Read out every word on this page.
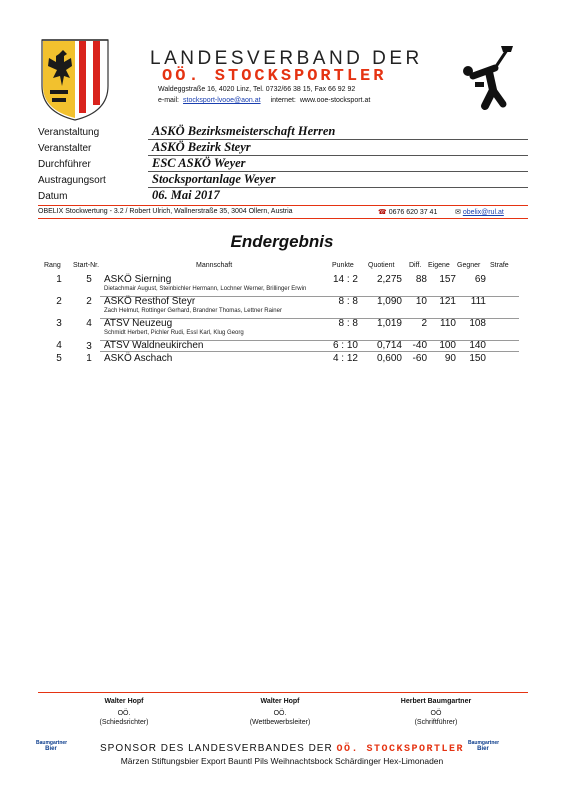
LANDESVERBAND DER
OÖ. STOCKSPORTLER
Waldeggstraße 16, 4020 Linz, Tel. 0732/66 38 15, Fax 66 92 92
e-mail: stocksport-lvooe@aon.at internet: www.ooe-stocksport.at
Veranstaltung	ASKÖ Bezirksmeisterschaft Herren
Veranstalter	ASKÖ Bezirk Steyr
Durchführer	ESC ASKÖ Weyer
Austragungsort	Stocksportanlage Weyer
Datum	06. Mai 2017
OBELIX Stockwertung - 3.2 / Robert Ulrich, Wallnerstraße 35, 3004 Ollern, Austria	☎ 0676 620 37 41	✉ obelix@rul.at
Endergebnis
Rang Start-Nr.	Mannschaft	Punkte Quotient Diff. Eigene Gegner Strafe
1	5	ASKÖ Sierning	14 : 2	2,275	88	157	69
Dietachmair August, Steinbichler Hermann, Lochner Werner, Brillinger Erwin
2	2	ASKÖ Resthof Steyr	8 : 8	1,090	10	121	111
Zach Helmut, Rottinger Gerhard, Brandner Thomas, Lettner Rainer
3	4	ATSV Neuzeug	8 : 8	1,019	2	110	108
Schmidt Herbert, Pichler Rudi, Essl Karl, Klug Georg
4	3	ATSV Waldneukirchen	6 : 10	0,714	-40	100	140
5	1	ASKÖ Aschach	4 : 12	0,600	-60	90	150
Walter Hopf
OÖ.
(Schiedsrichter)
Walter Hopf
OÖ.
(Wettbewerbsleiter)
Herbert Baumgartner
OÖ
(Schriftführer)
Baumgartner
Bier
Baumgartner
Bier
SPONSOR DES LANDESVERBANDES DER OÖ. STOCKSPORTLER
Märzen Stiftungsbier Export Bauntl Pils Weihnachtsbock Schärdinger Hex-Limonaden
